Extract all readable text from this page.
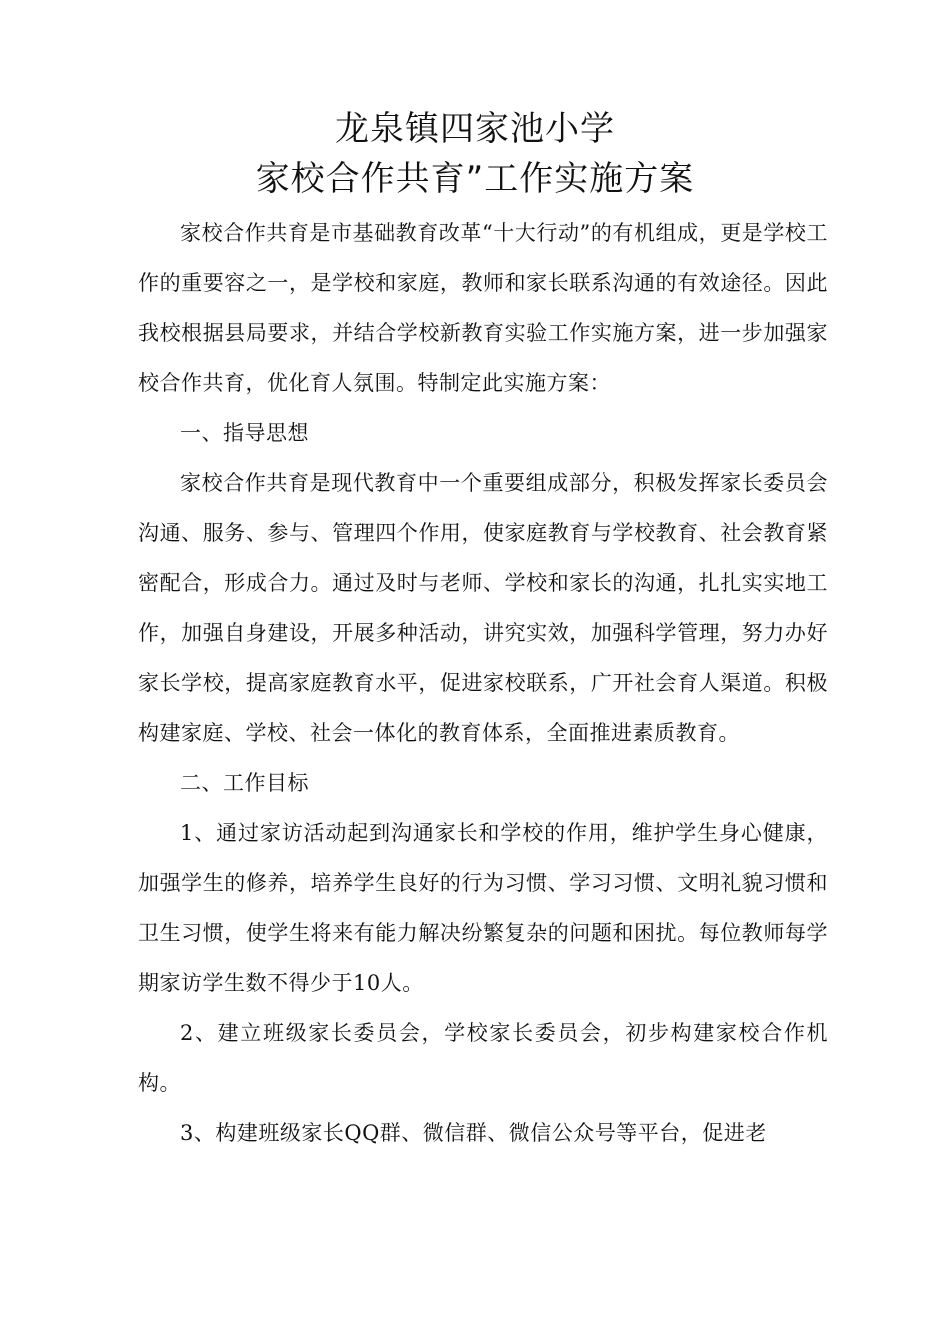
龙泉镇四家池小学
家校合作共育”工作实施方案

家校合作共育是市基础教育改革“十大行动”的有机组成，更是学校工作的重要容之一，是学校和家庭，教师和家长联系沟通的有效途径。因此我校根据县局要求，并结合学校新教育实验工作实施方案，进一步加强家校合作共育，优化育人氛围。特制定此实施方案：

一、指导思想

家校合作共育是现代教育中一个重要组成部分，积极发挥家长委员会沟通、服务、参与、管理四个作用，使家庭教育与学校教育、社会教育紧密配合，形成合力。通过及时与老师、学校和家长的沟通，扎扎实实地工作，加强自身建设，开展多种活动，讲究实效，加强科学管理，努力办好家长学校，提高家庭教育水平，促进家校联系，广开社会育人渠道。积极构建家庭、学校、社会一体化的教育体系，全面推进素质教育。

二、工作目标

1、通过家访活动起到沟通家长和学校的作用，维护学生身心健康，加强学生的修养，培养学生良好的行为习惯、学习习惯、文明礼貌习惯和卫生习惯，使学生将来有能力解决纷繁复杂的问题和困扰。每位教师每学期家访学生数不得少于10人。

2、建立班级家长委员会，学校家长委员会，初步构建家校合作机构。

3、构建班级家长QQ群、微信群、微信公众号等平台，促进老
